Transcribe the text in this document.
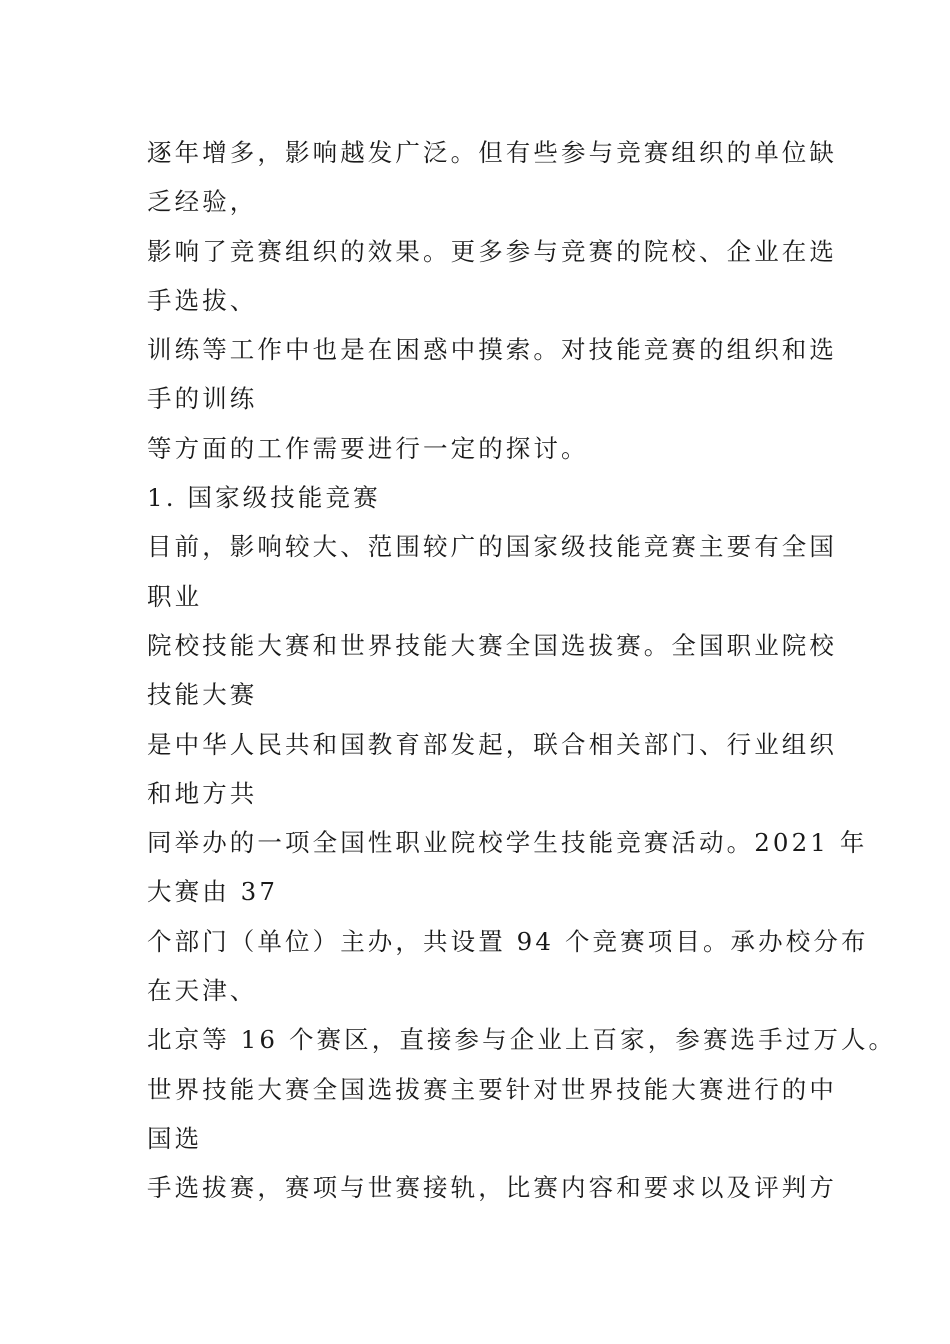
逐年增多，影响越发广泛。但有些参与竞赛组织的单位缺
乏经验，
影响了竞赛组织的效果。更多参与竞赛的院校、企业在选
手选拔、
训练等工作中也是在困惑中摸索。对技能竞赛的组织和选
手的训练
等方面的工作需要进行一定的探讨。
1. 国家级技能竞赛
目前，影响较大、范围较广的国家级技能竞赛主要有全国
职业
院校技能大赛和世界技能大赛全国选拔赛。全国职业院校
技能大赛
是中华人民共和国教育部发起，联合相关部门、行业组织
和地方共
同举办的一项全国性职业院校学生技能竞赛活动。2021 年
大赛由 37
个部门（单位）主办，共设置 94 个竞赛项目。承办校分布
在天津、
北京等 16 个赛区，直接参与企业上百家，参赛选手过万人。
世界技能大赛全国选拔赛主要针对世界技能大赛进行的中
国选
手选拔赛，赛项与世赛接轨，比赛内容和要求以及评判方
